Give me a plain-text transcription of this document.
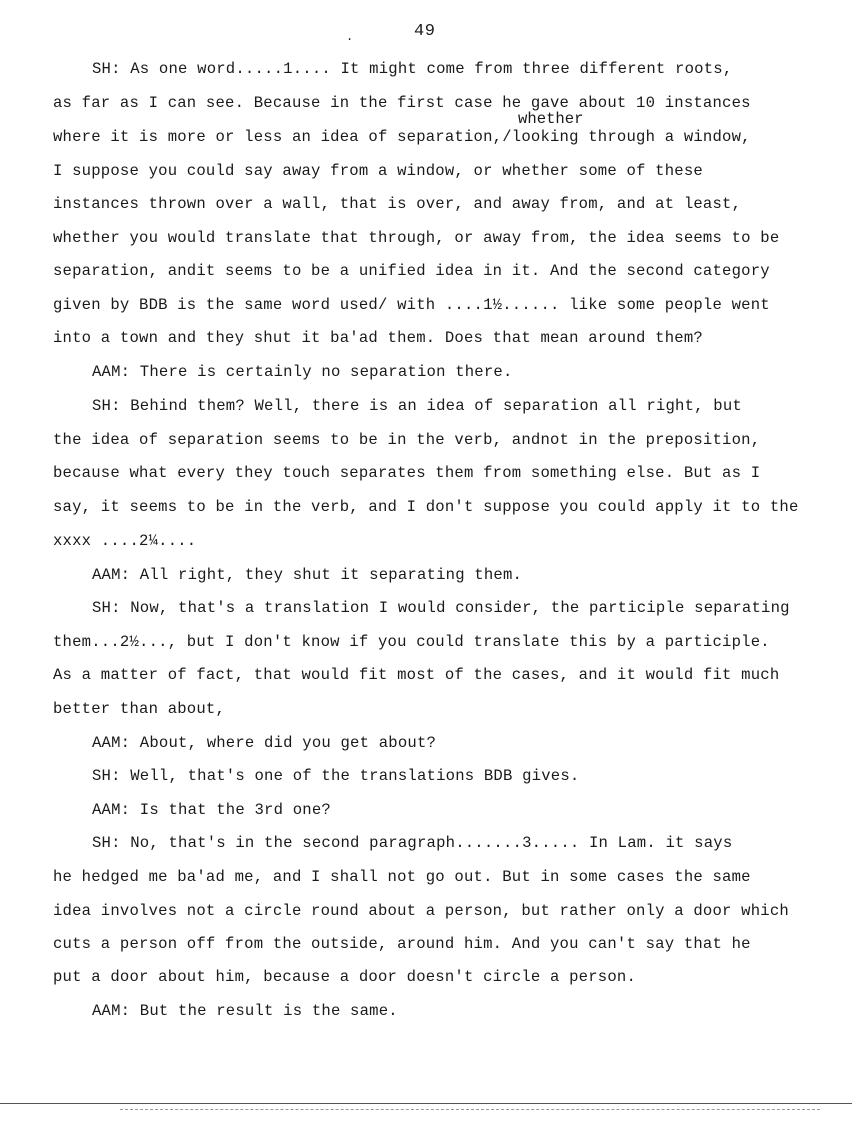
49
.
whether
SH: As one word.....1.... It might come from three different roots,
as far as I can see. Because in the first case he gave about 10 instances
where it is more or less an idea of separation,/looking through a window,
I suppose you could say away from a window, or whether some of these
instances thrown over a wall, that is over, and away from, and at least,
whether you would translate that through, or away from, the idea seems to be
separation, andit seems to be a unified idea in it. And the second category
given by BDB is the same word used/ with ....1½...... like some people went
into a town and they shut it ba'ad them. Does that mean around them?
AAM: There is certainly no separation there.
SH: Behind them? Well, there is an idea of separation all right, but
the idea of separation seems to be in the verb, andnot in the preposition,
because what every they touch separates them from something else. But as I
say, it seems to be in the verb, and I don't suppose you could apply it to the
xxxx ....2¼....
AAM: All right, they shut it separating them.
SH: Now, that's a translation I would consider, the participle separating
them...2½..., but I don't know if you could translate this by a participle.
As a matter of fact, that would fit most of the cases, and it would fit much
better than about,
AAM: About, where did you get about?
SH: Well, that's one of the translations BDB gives.
AAM: Is that the 3rd one?
SH: No, that's in the second paragraph.......3..... In Lam. it says
he hedged me ba'ad me, and I shall not go out. But in some cases the same
idea involves not a circle round about a person, but rather only a door which
cuts a person off from the outside, around him. And you can't say that he
put a door about him, because a door doesn't circle a person.
AAM: But the result is the same.
